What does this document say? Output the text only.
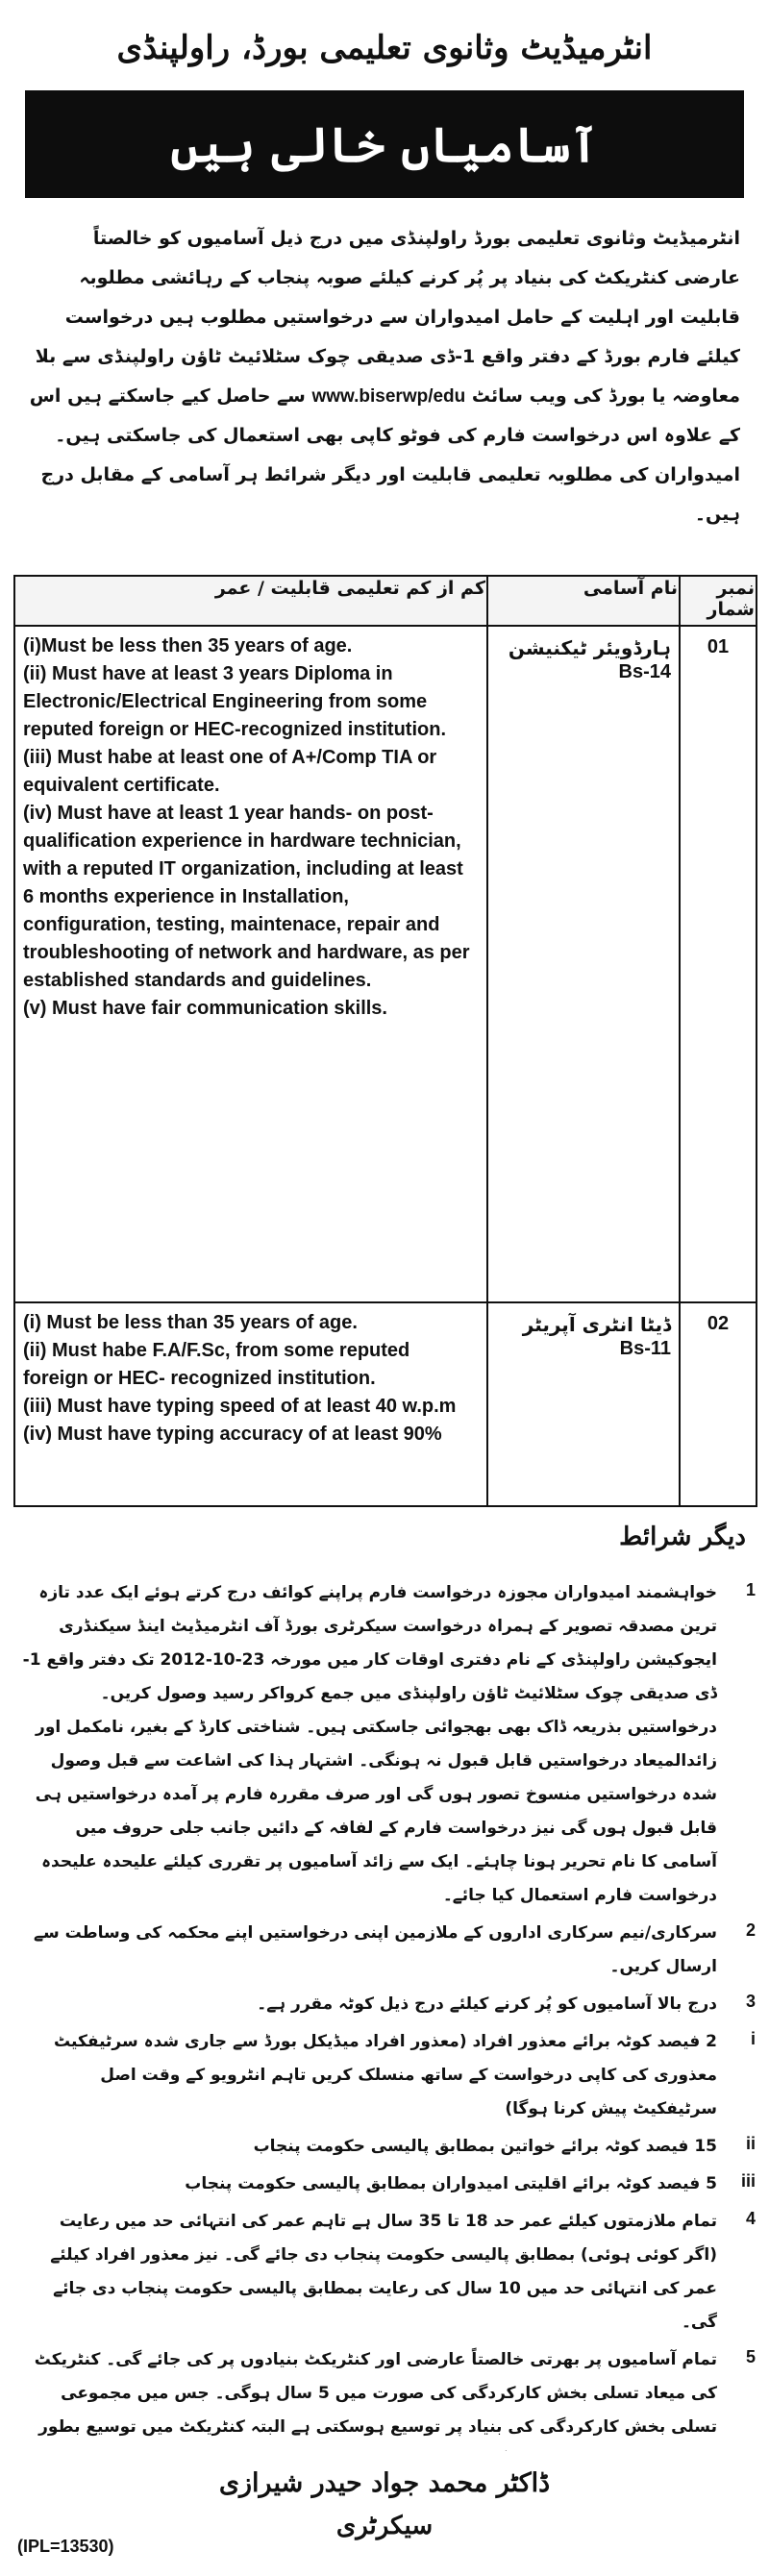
انٹرمیڈیٹ وثانوی تعلیمی بورڈ، راولپنڈی
آسامیاں خالی ہیں
انٹرمیڈیٹ وثانوی تعلیمی بورڈ راولپنڈی میں درج ذیل آسامیوں کو خالصتاً عارضی کنٹریکٹ کی بنیاد پر پُر کرنے کیلئے صوبہ پنجاب کے رہائشی مطلوبہ قابلیت اور اہلیت کے حامل امیدواران سے درخواستیں مطلوب ہیں درخواست کیلئے فارم بورڈ کے دفتر واقع 1-ڈی صدیقی چوک سٹلائیٹ ٹاؤن راولپنڈی سے بلا معاوضہ یا بورڈ کی ویب سائٹ www.biserwp/edu سے حاصل کیے جاسکتے ہیں اس کے علاوہ اس درخواست فارم کی فوٹو کاپی بھی استعمال کی جاسکتی ہیں۔ امیدواران کی مطلوبہ تعلیمی قابلیت اور دیگر شرائط ہر آسامی کے مقابل درج ہیں۔
کم از کم تعلیمی قابلیت / عمر	نام آسامی	نمبر شمار

(i)Must be less then 35 years of age.
(ii) Must have at least 3 years Diploma in Electronic/Electrical Engineering from some reputed foreign or HEC-recognized institution.
(iii) Must habe at least one of A+/Comp TIA or equivalent certificate.
(iv) Must have at least 1 year hands- on post-qualification experience in hardware technician, with a reputed IT organization, including at least 6 months experience in Installation, configuration, testing, maintenace, repair and troubleshooting of network and hardware, as per established standards and guidelines.
(v) Must have fair communication skills.	ہارڈویئر ٹیکنیشن Bs-14	01

(i) Must be less than 35 years of age.
(ii) Must habe F.A/F.Sc, from some reputed foreign or HEC- recognized institution.
(iii) Must have typing speed of at least 40 w.p.m
(iv) Must have typing accuracy of at least 90%	ڈیٹا انٹری آپریٹر Bs-11	02
دیگر شرائط
خواہشمند امیدواران مجوزہ درخواست فارم پراپنے کوائف درج کرتے ہوئے ایک عدد تازہ ترین مصدقہ تصویر کے ہمراہ درخواست سیکرٹری بورڈ آف انٹرمیڈیٹ اینڈ سیکنڈری ایجوکیشن راولپنڈی کے نام دفتری اوقات کار میں مورخہ 23-10-2012 تک دفتر واقع 1-ڈی صدیقی چوک سٹلائیٹ ٹاؤن راولپنڈی میں جمع کرواکر رسید وصول کریں۔ درخواستیں بذریعہ ڈاک بھی بھجوائی جاسکتی ہیں۔ شناختی کارڈ کے بغیر، نامکمل اور زائدالمیعاد درخواستیں قابل قبول نہ ہونگی۔ اشتہار ہذا کی اشاعت سے قبل وصول شدہ درخواستیں منسوخ تصور ہوں گی اور صرف مقررہ فارم پر آمدہ درخواستیں ہی قابل قبول ہوں گی نیز درخواست فارم کے لفافہ کے دائیں جانب جلی حروف میں آسامی کا نام تحریر ہونا چاہئے۔ ایک سے زائد آسامیوں پر تقرری کیلئے علیحدہ علیحدہ درخواست فارم استعمال کیا جائے۔
1
سرکاری/نیم سرکاری اداروں کے ملازمین اپنی درخواستیں اپنے محکمہ کی وساطت سے ارسال کریں۔
2
درج بالا آسامیوں کو پُر کرنے کیلئے درج ذیل کوٹہ مقرر ہے۔	3
2 فیصد کوٹہ برائے معذور افراد (معذور افراد میڈیکل بورڈ سے جاری شدہ سرٹیفکیٹ معذوری کی کاپی درخواست کے ساتھ منسلک کریں تاہم انٹرویو کے وقت اصل سرٹیفکیٹ پیش کرنا ہوگا)
i
15 فیصد کوٹہ برائے خواتین بمطابق پالیسی حکومت پنجاب	ii
5 فیصد کوٹہ برائے اقلیتی امیدواران بمطابق پالیسی حکومت پنجاب	iii
تمام ملازمتوں کیلئے عمر حد 18 تا 35 سال ہے تاہم عمر کی انتہائی حد میں رعایت (اگر کوئی ہوئی) بمطابق پالیسی حکومت پنجاب دی جائے گی۔ نیز معذور افراد کیلئے عمر کی انتہائی حد میں 10 سال کی رعایت بمطابق پالیسی حکومت پنجاب دی جائے گی۔
4
تمام آسامیوں پر بھرتی خالصتاً عارضی اور کنٹریکٹ بنیادوں پر کی جائے گی۔ کنٹریکٹ کی میعاد تسلی بخش کارکردگی کی صورت میں 5 سال ہوگی۔ جس میں مجموعی تسلی بخش کارکردگی کی بنیاد پر توسیع ہوسکتی ہے البتہ کنٹریکٹ میں توسیع بطور
5
ڈاکٹر محمد جواد حیدر شیرازی
سیکرٹری
(IPL=13530)
